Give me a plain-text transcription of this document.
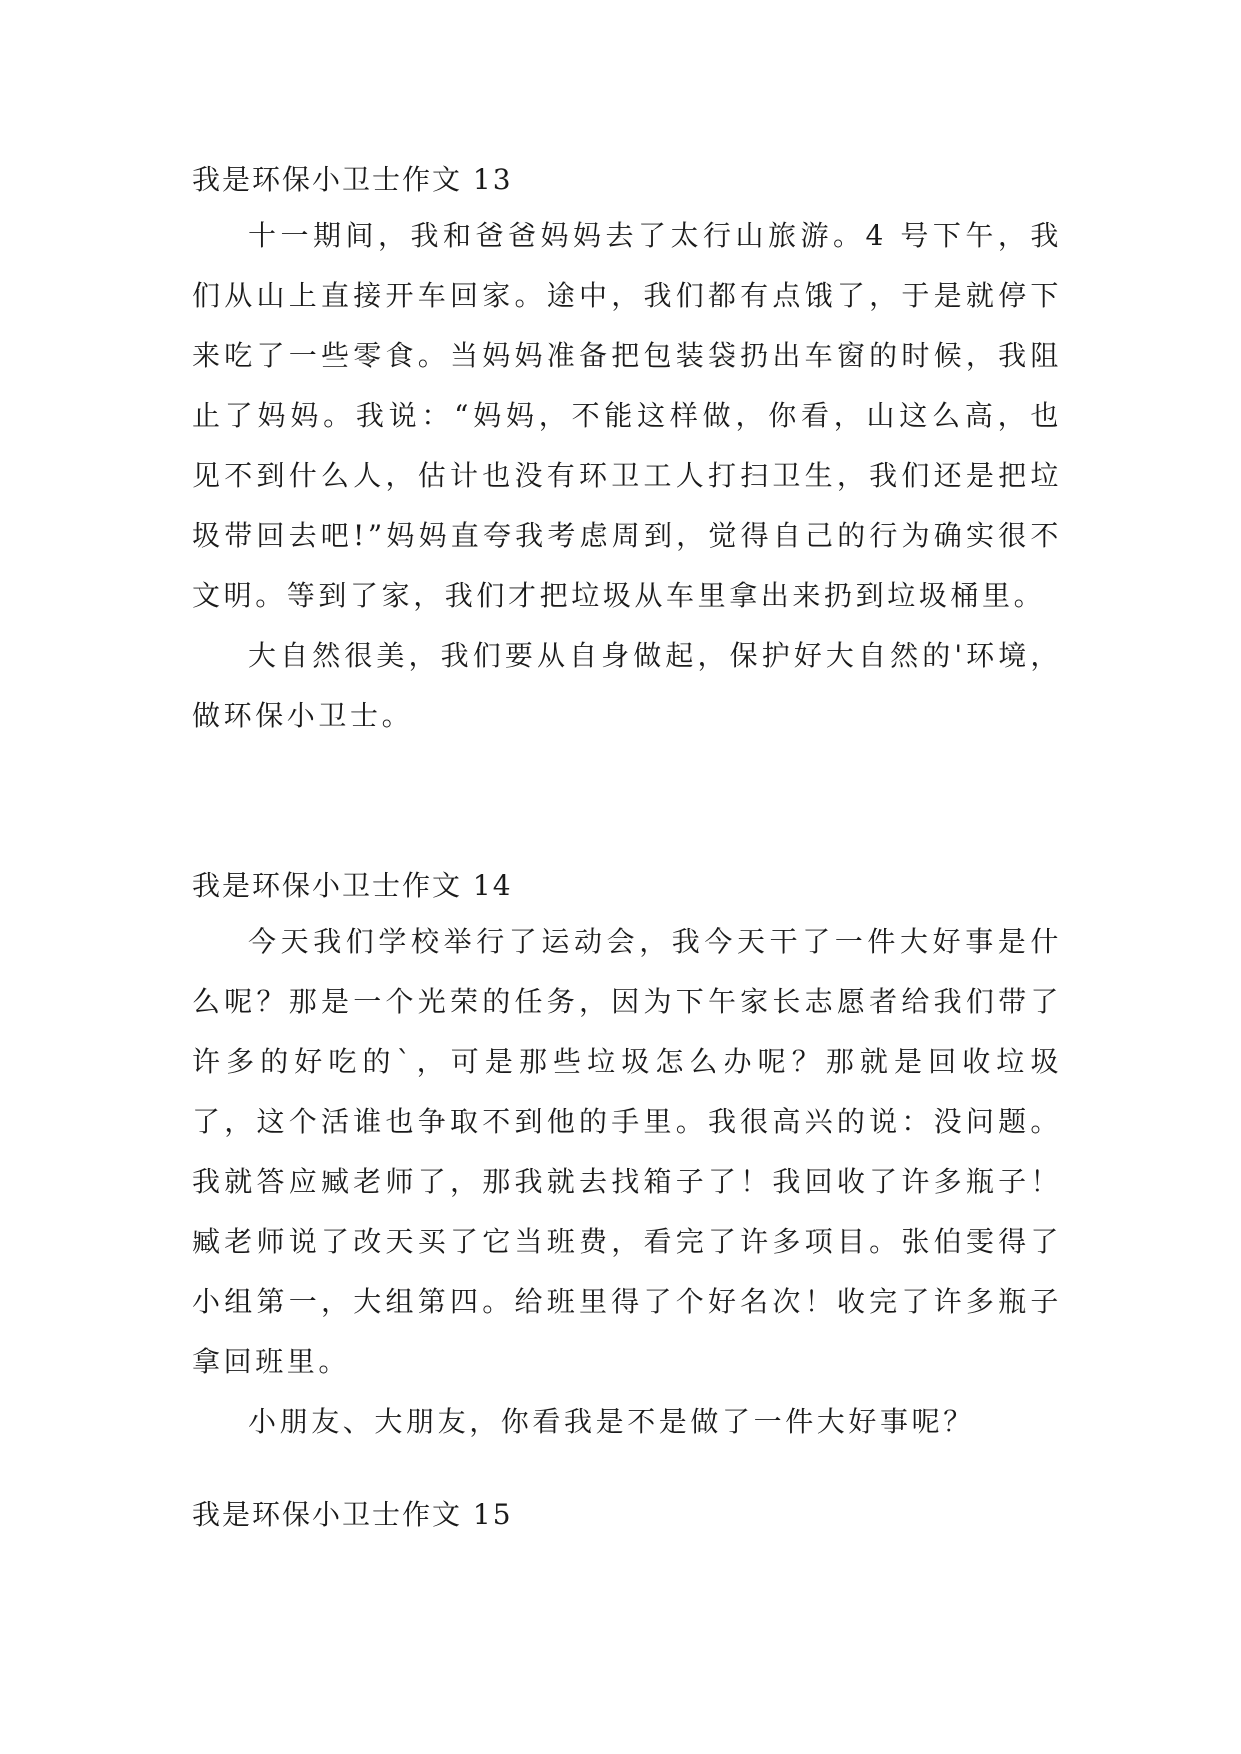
我是环保小卫士作文 13

十一期间，我和爸爸妈妈去了太行山旅游。4 号下午，我们从山上直接开车回家。途中，我们都有点饿了，于是就停下来吃了一些零食。当妈妈准备把包装袋扔出车窗的时候，我阻止了妈妈。我说：“妈妈，不能这样做，你看，山这么高，也见不到什么人，估计也没有环卫工人打扫卫生，我们还是把垃圾带回去吧!”妈妈直夸我考虑周到，觉得自己的行为确实很不文明。等到了家，我们才把垃圾从车里拿出来扔到垃圾桶里。

大自然很美，我们要从自身做起，保护好大自然的'环境，做环保小卫士。

我是环保小卫士作文 14

今天我们学校举行了运动会，我今天干了一件大好事是什么呢？那是一个光荣的任务，因为下午家长志愿者给我们带了许多的好吃的`，可是那些垃圾怎么办呢？那就是回收垃圾了，这个活谁也争取不到他的手里。我很高兴的说：没问题。我就答应臧老师了，那我就去找箱子了！我回收了许多瓶子！臧老师说了改天买了它当班费，看完了许多项目。张伯雯得了小组第一，大组第四。给班里得了个好名次！收完了许多瓶子拿回班里。

小朋友、大朋友，你看我是不是做了一件大好事呢？

我是环保小卫士作文 15
